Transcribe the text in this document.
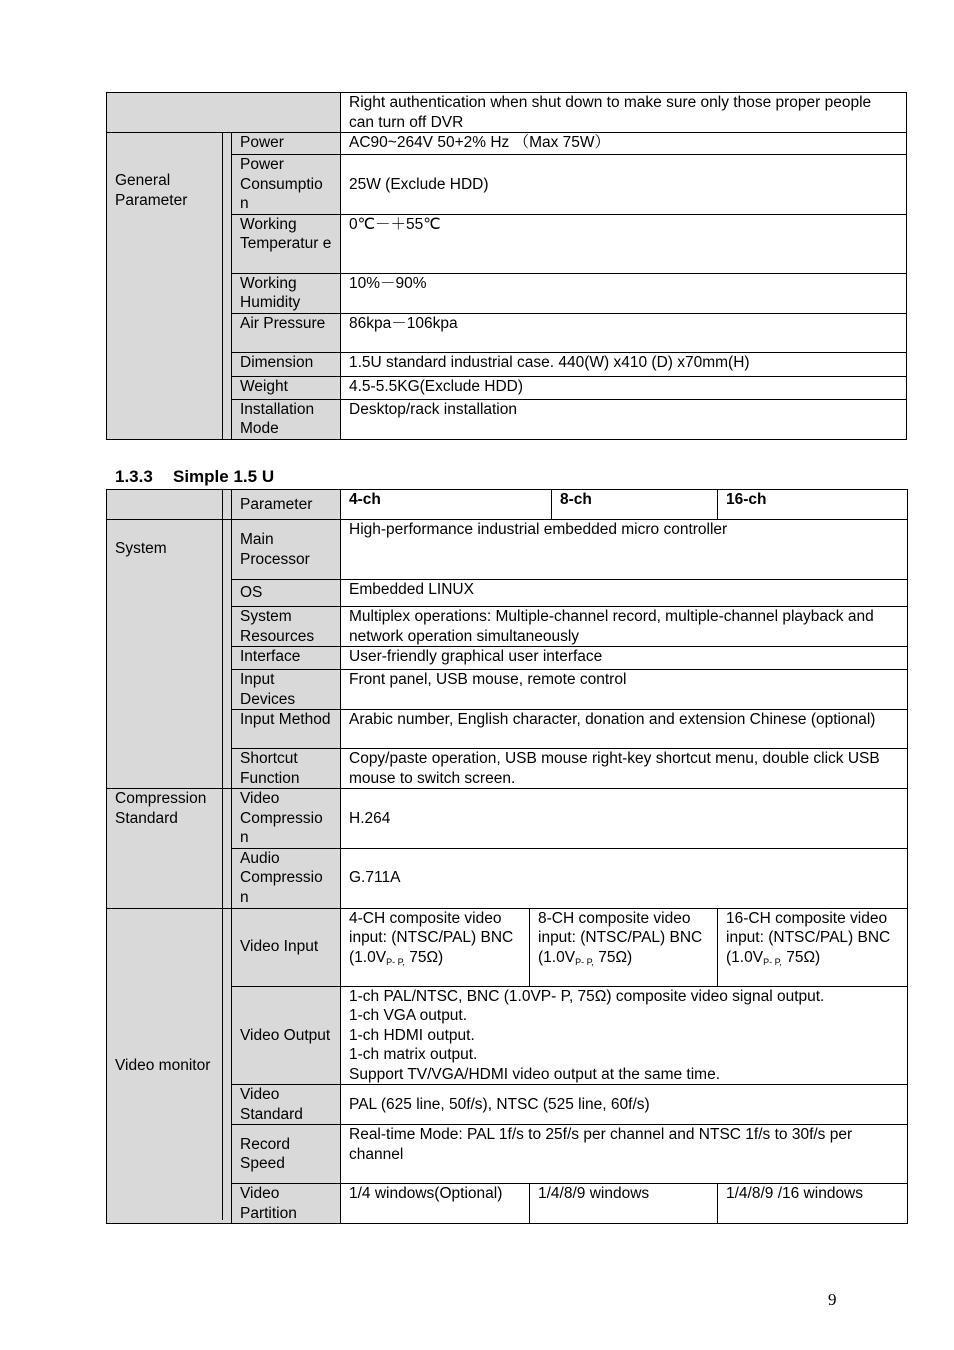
		Right authentication when shut down to make sure only those proper people can turn off DVR
General Parameter	Power	AC90~264V 50+2% Hz （Max 75W）
	Power Consumptio n	25W (Exclude HDD)
	Working Temperatur e	0℃－＋55℃
	Working Humidity	10%－90%
	Air Pressure	86kpa－106kpa
	Dimension	1.5U standard industrial case. 440(W) x410 (D) x70mm(H)
	Weight	4.5-5.5KG(Exclude HDD)
	Installation Mode	Desktop/rack installation
1.3.3 Simple 1.5 U
	Parameter	4-ch		8-ch	16-ch
System	Main Processor	High-performance industrial embedded micro controller			
	OS	Embedded LINUX			
	System Resources	Multiplex operations: Multiple-channel record, multiple-channel playback and network operation simultaneously			
	Interface	User-friendly graphical user interface			
	Input Devices	Front panel, USB mouse, remote control			
	Input Method	Arabic number, English character, donation and extension Chinese (optional)			
	Shortcut Function	Copy/paste operation, USB mouse right-key shortcut menu, double click USB mouse to switch screen.			
Compression Standard	Video Compressio n	H.264			
	Audio Compressio n	G.711A			
Video monitor	Video Input	4-CH composite video input: (NTSC/PAL) BNC ($1.0V_{P- P,}$ 75Ω)	8-CH composite video input: (NTSC/PAL) BNC ($1.0V_{P- P,}$ 75Ω)		16-CH composite video input: (NTSC/PAL) BNC ($1.0V_{P- P,}$ 75Ω)
	Video Output	1-ch PAL/NTSC, BNC (1.0VP- P, 75Ω) composite video signal output.
1-ch VGA output.
1-ch HDMI output.
1-ch matrix output.
Support TV/VGA/HDMI video output at the same time.			

	Video Standard	PAL (625 line, 50f/s), NTSC (525 line, 60f/s)			
	Record Speed	Real-time Mode: PAL 1f/s to 25f/s per channel and NTSC 1f/s to 30f/s per channel			
	Video Partition	1/4 windows(Optional)	1/4/8/9 windows		1/4/8/9 /16 windows
9
